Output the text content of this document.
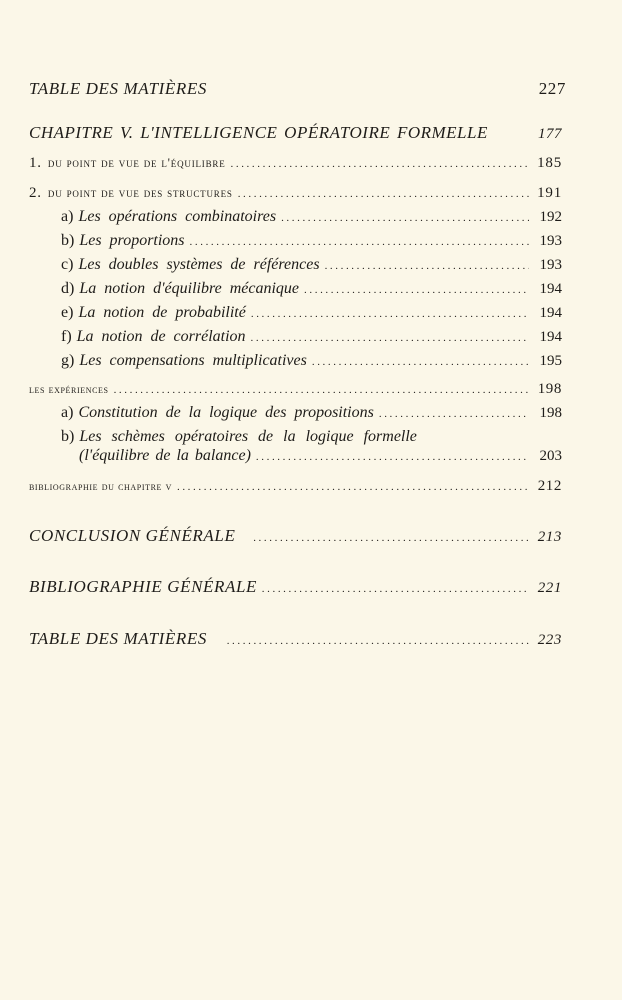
TABLE DES MATIÈRES	227
CHAPITRE V. L'INTELLIGENCE OPÉRATOIRE FORMELLE	177
1. du point de vue de l'équilibre .....	185
2. du point de vue des structures .....	191
a) Les opérations combinatoires .....	192
b) Les proportions .....	193
c) Les doubles systèmes de références .....	193
d) La notion d'équilibre mécanique .....	194
e) La notion de probabilité .....	194
f) La notion de corrélation .....	194
g) Les compensations multiplicatives .....	195
les expériences .....	198
a) Constitution de la logique des propositions .....	198
b) Les schèmes opératoires de la logique formelle
(l'équilibre de la balance) .....	203
bibliographie du chapitre v .....	212
CONCLUSION GÉNÉRALE .....	213
BIBLIOGRAPHIE GÉNÉRALE .....	221
TABLE DES MATIÈRES .....	223
